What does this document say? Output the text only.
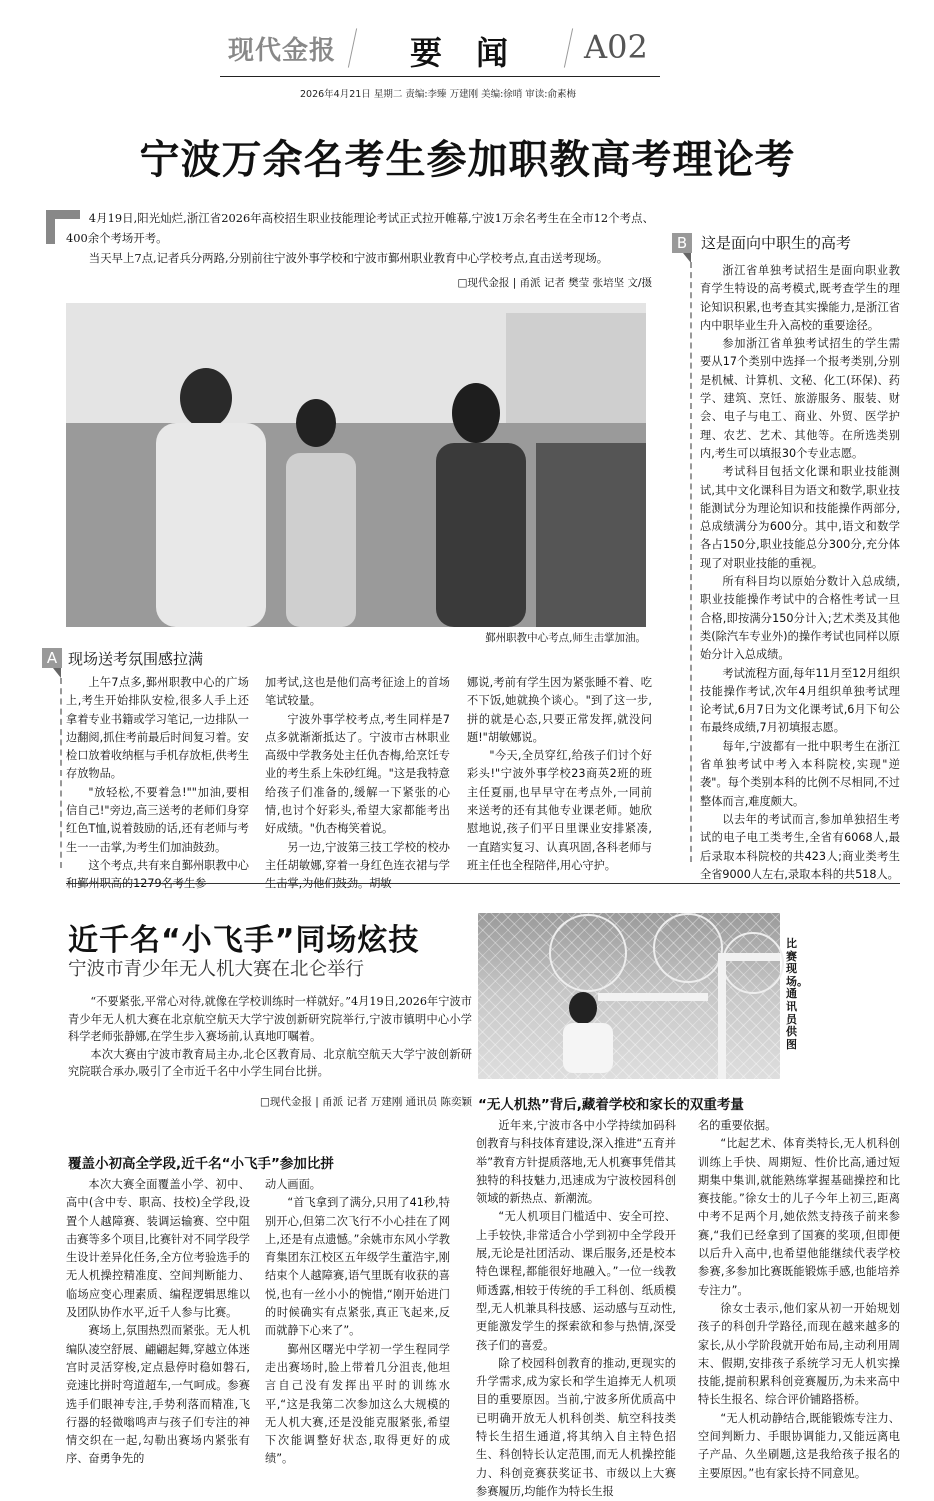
现代金报 要闻 A02
2026年4月21日 星期二 责编:李臻 万建刚 美编:徐哨 审读:俞素梅
宁波万余名考生参加职教高考理论考

4月19日,阳光灿烂,浙江省2026年高校招生职业技能理论考试正式拉开帷幕,宁波1万余名考生在全市12个考点、400余个考场开考。

当天早上7点,记者兵分两路,分别前往宁波外事学校和宁波市鄞州职业教育中心学校考点,直击送考现场。

□现代金报 | 甬派 记者 樊莹 张培坚 文/摄
鄞州职教中心考点,师生击掌加油。
A 现场送考氛围感拉满

上午7点多,鄞州职教中心的广场上,考生开始排队安检,很多人手上还拿着专业书籍或学习笔记,一边排队一边翻阅,抓住考前最后时间复习着。安检口放着收纳框与手机存放柜,供考生存放物品。

"放轻松,不要着急!""加油,要相信自己!"旁边,高三送考的老师们身穿红色T恤,说着鼓励的话,还有老师与考生一一击掌,为考生们加油鼓劲。

这个考点,共有来自鄞州职教中心

加考试,这也是他们高考征途上的首场笔试较量。

宁波外事学校考点,考生同样是7点多就渐渐抵达了。宁波市古林职业高级中学教务处主任仇杏梅,给烹饪专业的考生系上朱砂红绳。"这是我特意给孩子们准备的,缓解一下紧张的心情,也讨个好彩头,希望大家都能考出好成绩。"仇杏梅笑着说。

另一边,宁波第三技工学校的校办主任胡敏娜,穿着一身红色连衣裙与学

娜说,考前有学生因为紧张睡不着、吃不下饭,她就换个谈心。"到了这一步,拼的就是心态,只要正常发挥,就没问题!"胡敏娜说。

"今天,全员穿红,给孩子们讨个好彩头!"宁波外事学校23商英2班的班主任夏丽,也早早守在考点外,一同前来送考的还有其他专业课老师。她欣慰地说,孩子们平日里课业安排紧凑,一直踏实复习、认真巩固,各科老师与班主任也全程陪伴,用心守护。

B 这是面向中职生的高考

浙江省单独考试招生是面向职业教育学生特设的高考模式,既考查学生的理论知识积累,也考查其实操能力,是浙江省内中职毕业生升入高校的重要途径。

参加浙江省单独考试招生的学生需要从17个类别中选择一个报考类别,分别是机械、计算机、文秘、化工(环保)、药学、建筑、烹饪、旅游服务、服装、财会、电子与电工、商业、外贸、医学护理、农艺、艺术、其他等。在所选类别内,考生可以填报30个专业志愿。

考试科目包括文化课和职业技能测试,其中文化课科目为语文和数学,职业技能测试分为理论知识和技能操作两部分,总成绩满分为600分。其中,语文和数学各占150分,职业技能总分300分,充分体现了对职业技能的重视。

所有科目均以原始分数计入总成绩,职业技能操作考试中的合格性考试一旦合格,即按满分150分计入;艺术类及其他类(除汽车专业外)的操作考试也同样以原始分计入总成绩。

考试流程方面,每年11月至12月组织技能操作考试,次年4月组织单独考试理论考试,6月7日为文化课考试,6月下旬公布最终成绩,7月初填报志愿。

每年,宁波都有一批中职考生在浙江省单独考试中考入本科院校,实现"逆袭"。每个类别本科的比例不尽相同,不过整体而言,难度颇大。

以去年的考试而言,参加单独招生考试的电子电工类考生,全省有6068人,最后录取本科院校的共423人;商业类考生全省9000人左右,录取本科的共518人。

近千名“小飞手”同场炫技
宁波市青少年无人机大赛在北仑举行

“不要紧张,平常心对待,就像在学校训练时一样就好。”4月19日,2026年宁波市青少年无人机大赛在北京航空航天大学宁波创新研究院举行,宁波市镇明中心小学科学老师张静娜,在学生步入赛场前,认真地叮嘱着。

本次大赛由宁波市教育局主办,北仑区教育局、北京航空航天大学宁波创新研究院联合承办,吸引了全市近千名中小学生同台比拼。

□现代金报 | 甬派 记者 万建刚 通讯员 陈奕颖
比赛现场。通讯员供图
覆盖小初高全学段,近千名“小飞手”参加比拼

本次大赛全面覆盖小学、初中、高中(含中专、职高、技校)全学段,设置个人越障赛、装调运输赛、空中阻击赛等多个项目,比赛针对不同学段学生设计差异化任务,全方位考验选手的无人机操控精准度、空间判断能力、临场应变心理素质、编程逻辑思维以及团队协作水平,近千人参与比赛。

赛场上,氛围热烈而紧张。无人机编队凌空舒展、翩翩起舞,穿越立体迷宫时灵活穿梭,定点悬停时稳如磐石,竞速比拼时弯道超车,一气呵成。参赛选手们眼神专注,手势利落而精准,飞行器的轻微嗡鸣声与孩子们专注的神情交织在一起,勾勒出赛场内紧张有序、奋勇争先的

动人画面。

“首飞拿到了满分,只用了41秒,特别开心,但第二次飞行不小心挂在了网上,还是有点遗憾。”余姚市东风小学教育集团东江校区五年级学生董浩宇,刚结束个人越障赛,语气里既有收获的喜悦,也有一丝小小的惋惜,“刚开始进门的时候确实有点紧张,真正飞起来,反而就静下心来了”。

鄞州区曙光中学初一学生程同学走出赛场时,脸上带着几分沮丧,他坦言自己没有发挥出平时的训练水平,“这是我第二次参加这么大规模的无人机大赛,还是没能克服紧张,希望下次能调整好状态,取得更好的成绩”。

“无人机热”背后,藏着学校和家长的双重考量

近年来,宁波市各中小学持续加码科创教育与科技体育建设,深入推进“五育并举”教育方针提质落地,无人机赛事凭借其独特的科技魅力,迅速成为宁波校园科创领域的新热点、新潮流。

“无人机项目门槛适中、安全可控、上手较快,非常适合小学到初中全学段开展,无论是社团活动、课后服务,还是校本特色课程,都能很好地融入。”一位一线教师透露,相较于传统的手工科创、纸质模型,无人机兼具科技感、运动感与互动性,更能激发学生的探索欲和参与热情,深受孩子们的喜爱。

除了校园科创教育的推动,更现实的升学需求,成为家长和学生追捧无人机项目的重要原因。当前,宁波多所优质高中已明确开放无人机科创类、航空科技类特长生招生通道,将其纳入自主特色招生、科创特长认定范围,而无人机操控能力、科创竞赛获奖证书、市级以上大赛参赛履历,均能作为特长生报

名的重要依据。

“比起艺术、体育类特长,无人机科创训练上手快、周期短、性价比高,通过短期集中集训,就能熟练掌握基础操控和比赛技能。”徐女士的儿子今年上初三,距离中考不足两个月,她依然支持孩子前来参赛,“我们已经拿到了国赛的奖项,但即便以后升入高中,也希望他能继续代表学校参赛,多参加比赛既能锻炼手感,也能培养专注力”。

徐女士表示,他们家从初一开始规划孩子的科创升学路径,而现在越来越多的家长,从小学阶段就开始布局,主动利用周末、假期,安排孩子系统学习无人机实操技能,提前积累科创竞赛履历,为未来高中特长生报名、综合评价铺路搭桥。

“无人机动静结合,既能锻炼专注力、空间判断力、手眼协调能力,又能远离电子产品、久坐刷题,这是我给孩子报名的主要原因。”也有家长持不同意见。
